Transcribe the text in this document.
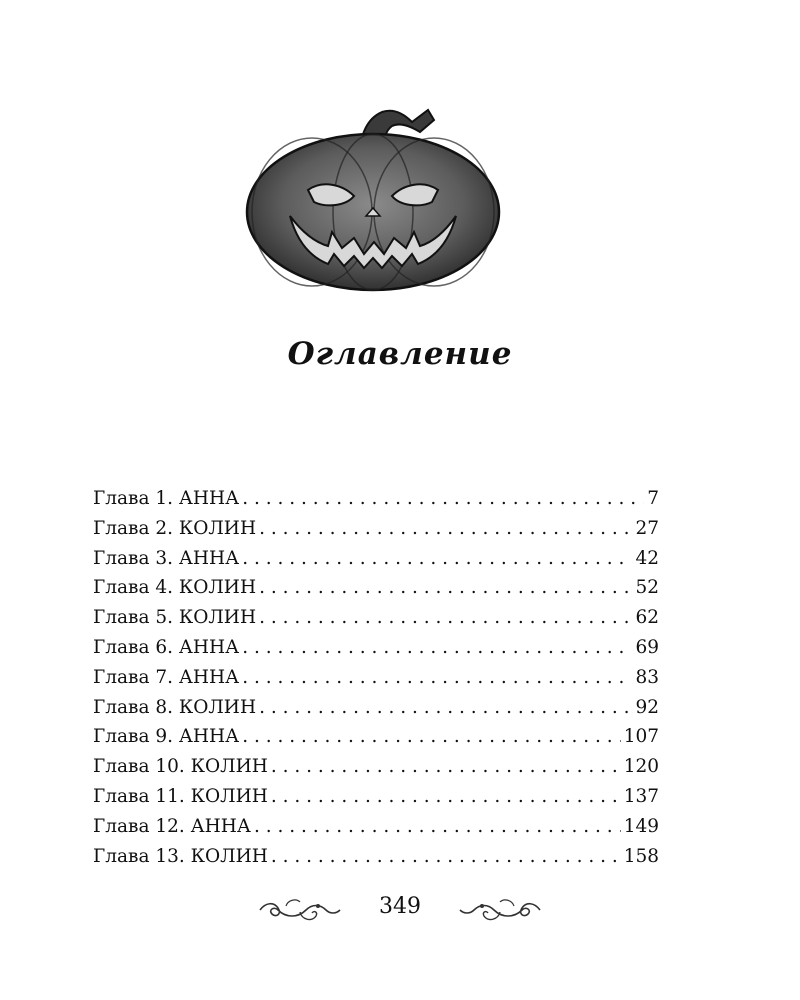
Оглавление
Глава 1. АННА . . .	7
Глава 2. КОЛИН . . .	27
Глава 3. АННА . . .	42
Глава 4. КОЛИН . . .	52
Глава 5. КОЛИН . . .	62
Глава 6. АННА . . .	69
Глава 7. АННА . . .	83
Глава 8. КОЛИН . . .	92
Глава 9. АННА . . .	107
Глава 10. КОЛИН . . .	120
Глава 11. КОЛИН . . .	137
Глава 12. АННА . . .	149
Глава 13. КОЛИН . . .	158
349
